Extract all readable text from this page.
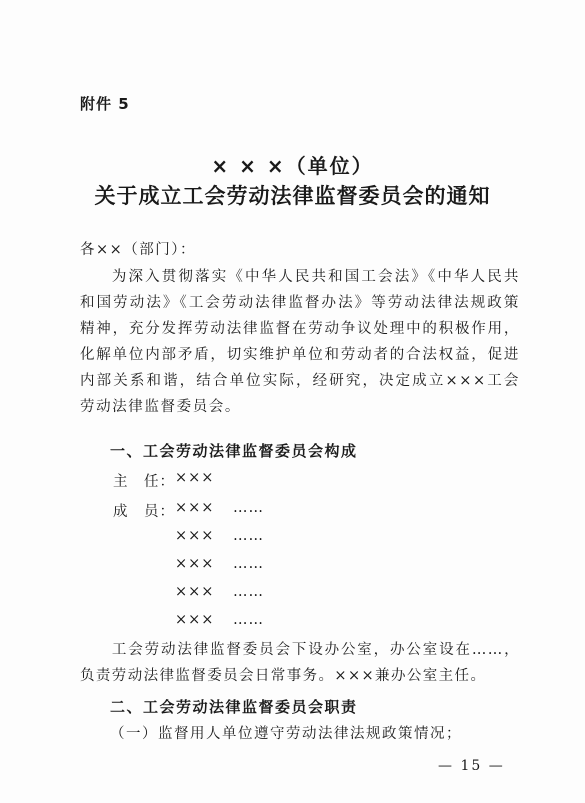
附件 5
× × ×（单位）
关于成立工会劳动法律监督委员会的通知
各××（部门）：
为深入贯彻落实《中华人民共和国工会法》《中华人民共和国劳动法》《工会劳动法律监督办法》等劳动法律法规政策精神，充分发挥劳动法律监督在劳动争议处理中的积极作用，化解单位内部矛盾，切实维护单位和劳动者的合法权益，促进内部关系和谐，结合单位实际，经研究，决定成立×××工会劳动法律监督委员会。
一、工会劳动法律监督委员会构成
主　任： ×××
成　员： ××× ……
××× ……
××× ……
××× ……
××× ……
工会劳动法律监督委员会下设办公室，办公室设在……，负责劳动法律监督委员会日常事务。×××兼办公室主任。
二、工会劳动法律监督委员会职责
（一）监督用人单位遵守劳动法律法规政策情况；
— 15 —
